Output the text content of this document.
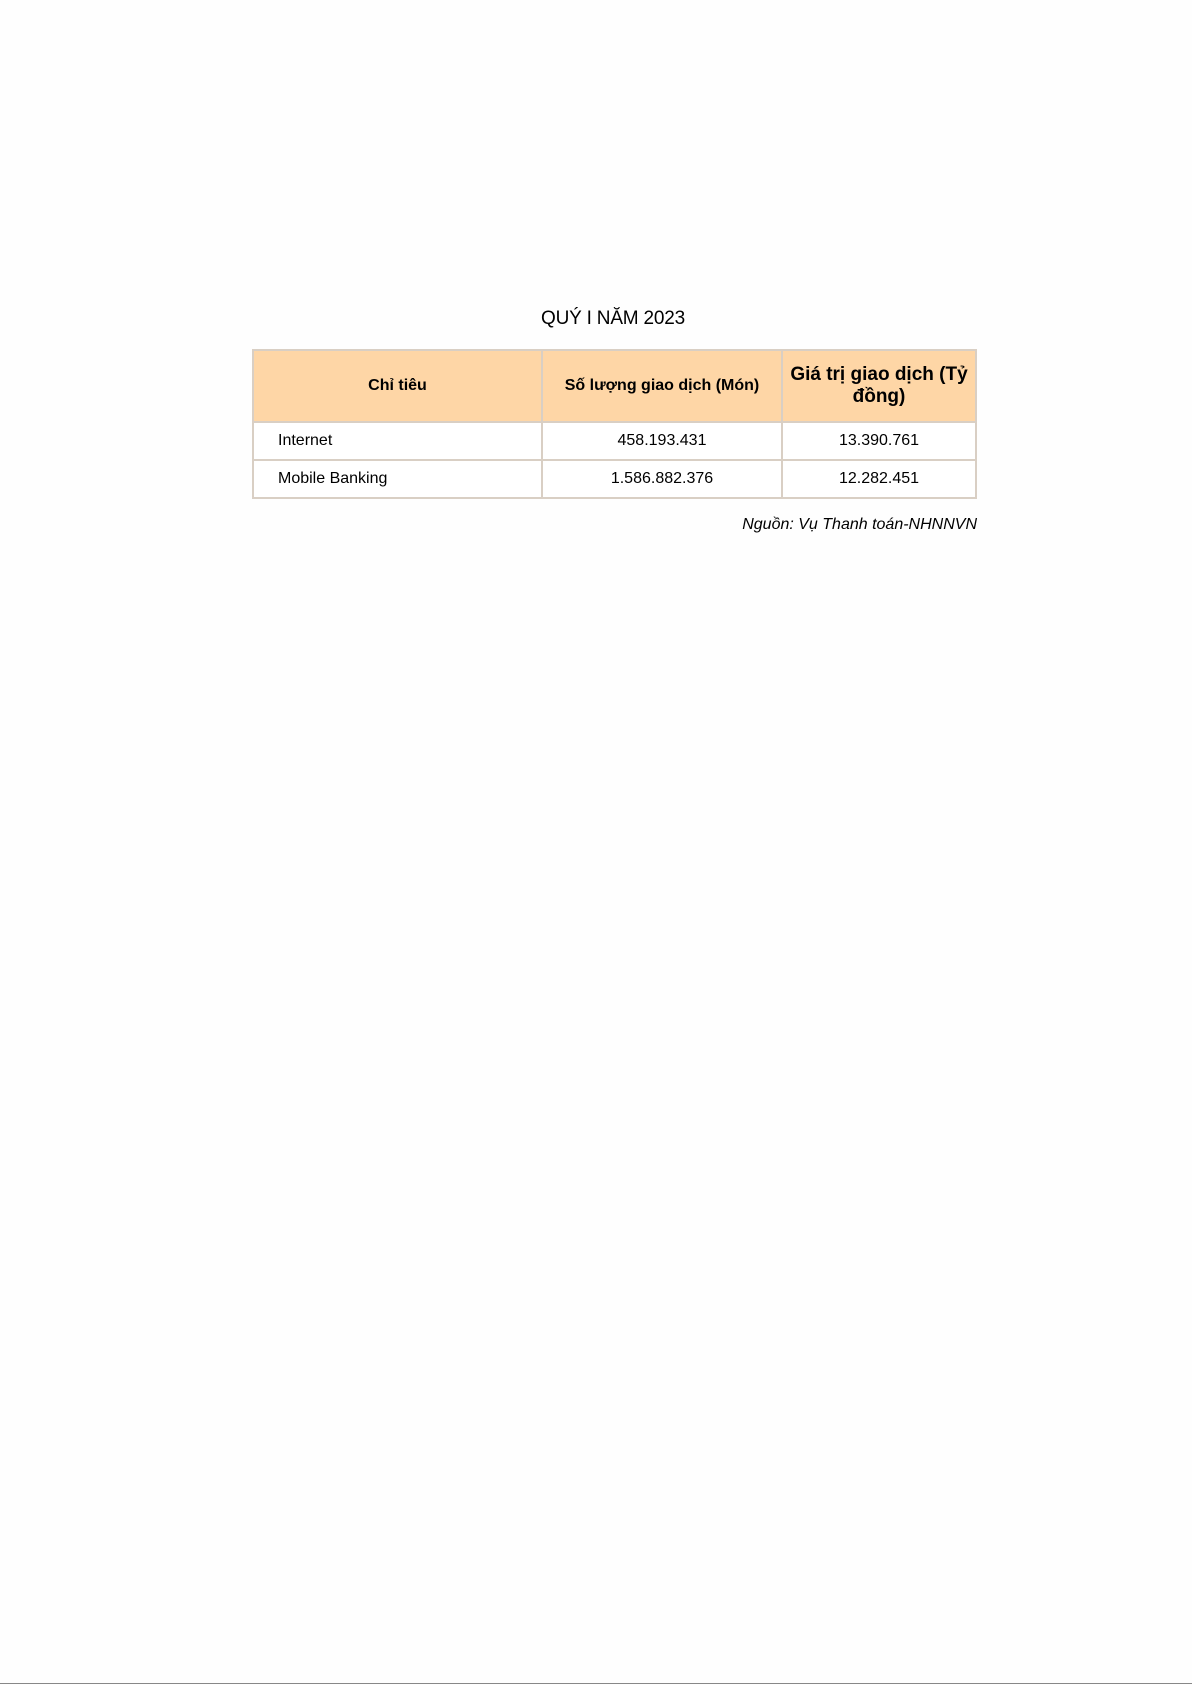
QUÝ I NĂM 2023
Chỉ tiêu	Số lượng giao dịch (Món)	Giá trị giao dịch (Tỷ đồng)
Internet	458.193.431	13.390.761
Mobile Banking	1.586.882.376	12.282.451
Nguồn: Vụ Thanh toán-NHNNVN
